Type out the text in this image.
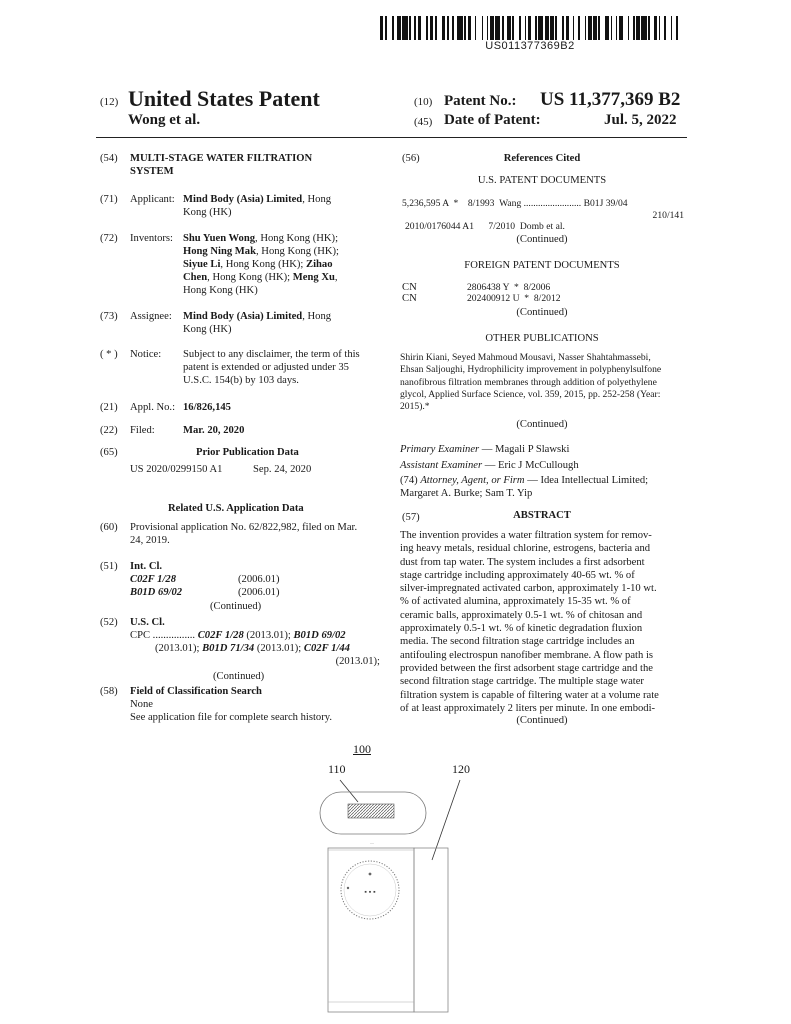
US011377369B2
(12) United States Patent
Wong et al.
(10) Patent No.: US 11,377,369 B2
(45) Date of Patent:	Jul. 5, 2022
(54) MULTI-STAGE WATER FILTRATION
SYSTEM
(71) Applicant: Mind Body (Asia) Limited, Hong
Kong (HK)
(72) Inventors: Shu Yuen Wong, Hong Kong (HK);
Hong Ning Mak, Hong Kong (HK);
Siyue Li, Hong Kong (HK); Zihao
Chen, Hong Kong (HK); Meng Xu,
Hong Kong (HK)
(73) Assignee: Mind Body (Asia) Limited, Hong
Kong (HK)
( * ) Notice: Subject to any disclaimer, the term of this
patent is extended or adjusted under 35
U.S.C. 154(b) by 103 days.
(21) Appl. No.: 16/826,145
(22) Filed:	Mar. 20, 2020
(65)	Prior Publication Data
US 2020/0299150 A1	Sep. 24, 2020
Related U.S. Application Data
(60) Provisional application No. 62/822,982, filed on Mar.
24, 2019.
(51) Int. Cl.
C02F 1/28	(2006.01)
B01D 69/02	(2006.01)
(Continued)
(52) U.S. Cl.
CPC ................ C02F 1/28 (2013.01); B01D 69/02
(2013.01); B01D 71/34 (2013.01); C02F 1/44
(2013.01);
(Continued)
(58) Field of Classification Search
None
See application file for complete search history.
(56)	References Cited
U.S. PATENT DOCUMENTS
5,236,595 A  *    8/1993  Wang ........................ B01J 39/04
210/141
2010/0176044 A1      7/2010  Domb et al.
(Continued)
FOREIGN PATENT DOCUMENTS
CN	2806438 Y  *  8/2006
CN	202400912 U  *  8/2012
(Continued)
OTHER PUBLICATIONS
Shirin Kiani, Seyed Mahmoud Mousavi, Nasser Shahtahmassebi,
Ehsan Saljoughi, Hydrophilicity improvement in polyphenylsulfone
nanofibrous filtration membranes through addition of polyethylene
glycol, Applied Surface Science, vol. 359, 2015, pp. 252-258 (Year:
2015).*
(Continued)
Primary Examiner — Magali P Slawski
Assistant Examiner — Eric J McCullough
(74) Attorney, Agent, or Firm — Idea Intellectual Limited;
Margaret A. Burke; Sam T. Yip
(57)	ABSTRACT
The invention provides a water filtration system for remov-
ing heavy metals, residual chlorine, estrogens, bacteria and
dust from tap water. The system includes a first adsorbent
stage cartridge including approximately 40-65 wt. % of
silver-impregnated activated carbon, approximately 1-10 wt.
% of activated alumina, approximately 15-35 wt. % of
ceramic balls, approximately 0.5-1 wt. % of chitosan and
approximately 0.5-1 wt. % of kinetic degradation fluxion
media. The second filtration stage cartridge includes an
antifouling electrospun nanofiber membrane. A flow path is
provided between the first adsorbent stage cartridge and the
second filtration stage cartridge. The multiple stage water
filtration system is capable of filtering water at a volume rate
of at least approximately 2 liters per minute. In one embodi-
(Continued)
100
110	120
—
▪ ▪ ▪
